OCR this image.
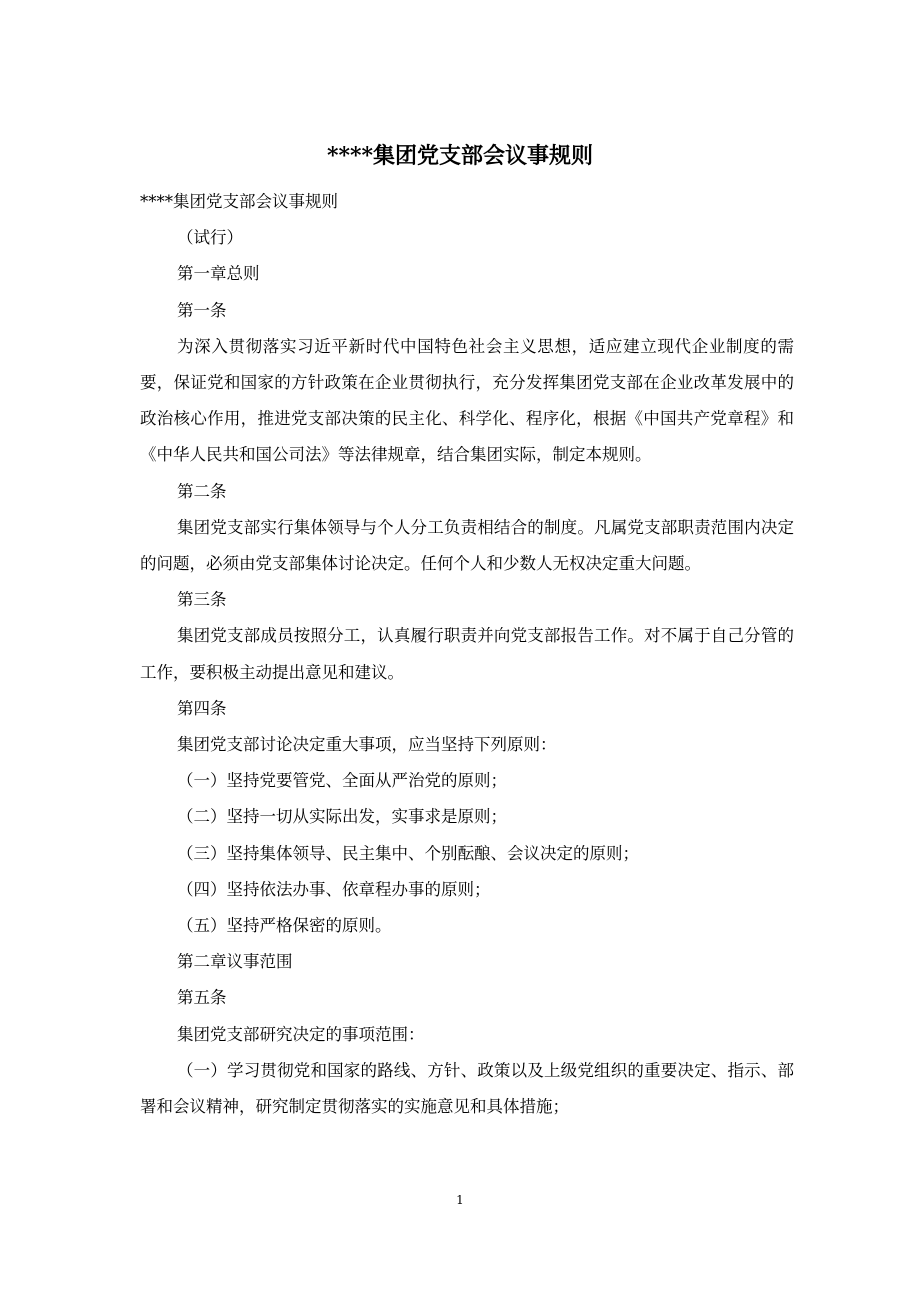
****集团党支部会议事规则

****集团党支部会议事规则

（试行）

第一章总则

第一条

为深入贯彻落实习近平新时代中国特色社会主义思想，适应建立现代企业制度的需要，保证党和国家的方针政策在企业贯彻执行，充分发挥集团党支部在企业改革发展中的政治核心作用，推进党支部决策的民主化、科学化、程序化，根据《中国共产党章程》和《中华人民共和国公司法》等法律规章，结合集团实际，制定本规则。

第二条

集团党支部实行集体领导与个人分工负责相结合的制度。凡属党支部职责范围内决定的问题，必须由党支部集体讨论决定。任何个人和少数人无权决定重大问题。

第三条

集团党支部成员按照分工，认真履行职责并向党支部报告工作。对不属于自己分管的工作，要积极主动提出意见和建议。

第四条

集团党支部讨论决定重大事项，应当坚持下列原则：

（一）坚持党要管党、全面从严治党的原则；

（二）坚持一切从实际出发，实事求是原则；

（三）坚持集体领导、民主集中、个别酝酿、会议决定的原则；

（四）坚持依法办事、依章程办事的原则；

（五）坚持严格保密的原则。

第二章议事范围

第五条

集团党支部研究决定的事项范围：

（一）学习贯彻党和国家的路线、方针、政策以及上级党组织的重要决定、指示、部署和会议精神，研究制定贯彻落实的实施意见和具体措施；

1
